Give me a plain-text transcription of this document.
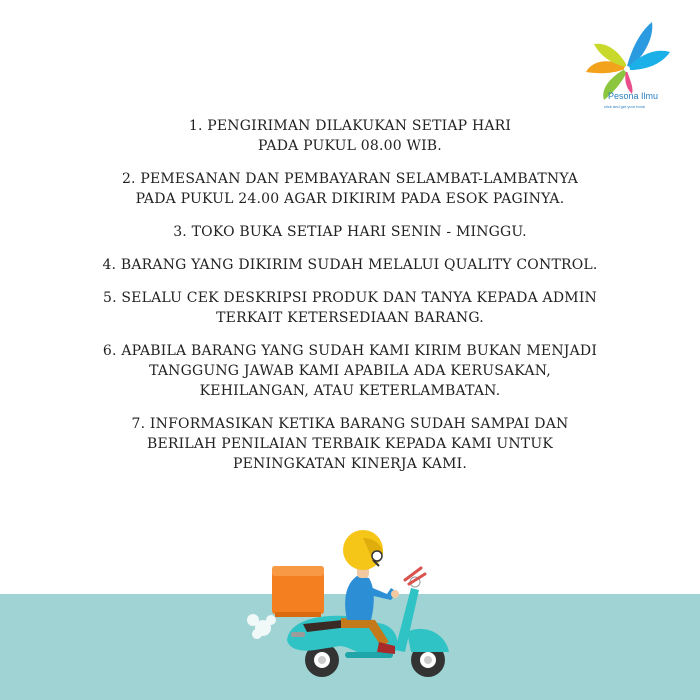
Pesona Ilmu
click and get your book
1. PENGIRIMAN DILAKUKAN SETIAP HARI
PADA PUKUL 08.00 WIB.
2. PEMESANAN DAN PEMBAYARAN SELAMBAT-LAMBATNYA
PADA PUKUL 24.00 AGAR DIKIRIM PADA ESOK PAGINYA.
3. TOKO BUKA SETIAP HARI SENIN - MINGGU.
4. BARANG YANG DIKIRIM SUDAH MELALUI QUALITY CONTROL.
5. SELALU CEK DESKRIPSI PRODUK DAN TANYA KEPADA ADMIN
TERKAIT KETERSEDIAAN BARANG.
6. APABILA BARANG YANG SUDAH KAMI KIRIM BUKAN MENJADI
TANGGUNG JAWAB KAMI APABILA ADA KERUSAKAN,
KEHILANGAN, ATAU KETERLAMBATAN.
7. INFORMASIKAN KETIKA BARANG SUDAH SAMPAI DAN
BERILAH PENILAIAN TERBAIK KEPADA KAMI UNTUK
PENINGKATAN KINERJA KAMI.
